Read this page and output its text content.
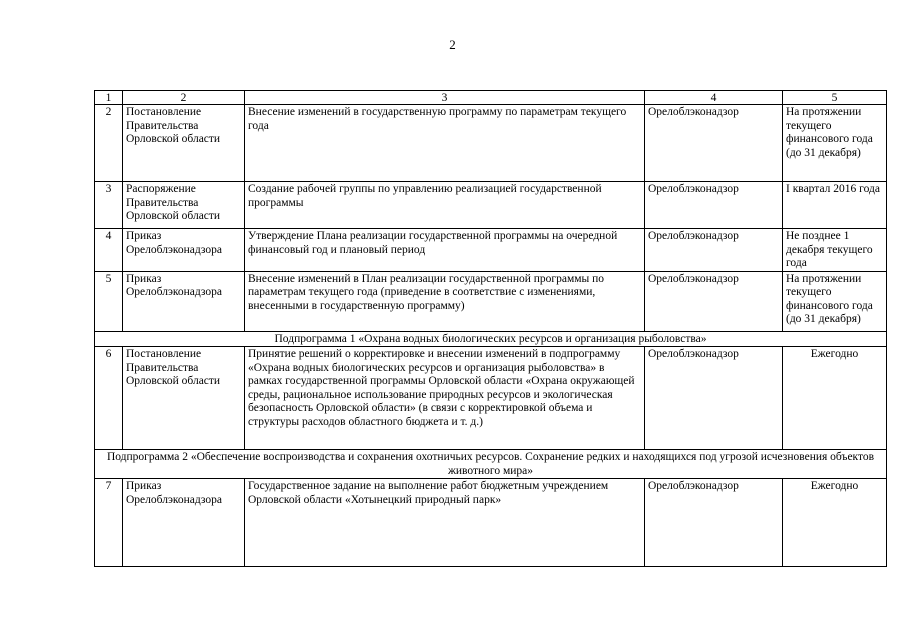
2
1	2	3	4	5
2	Постановление Правительства Орловской области	Внесение изменений в государственную программу по параметрам текущего года	Орелоблэконадзор	На протяжении текущего финансового года (до 31 декабря)
3	Распоряжение Правительства Орловской области	Создание рабочей группы по управлению реализацией государственной программы	Орелоблэконадзор	I квартал 2016 года
4	Приказ Орелоблэконадзора	Утверждение Плана реализации государственной программы на очередной финансовый год и плановый период	Орелоблэконадзор	Не позднее 1 декабря текущего года
5	Приказ Орелоблэконадзора	Внесение изменений в План реализации государственной программы по параметрам текущего года (приведение в соответствие с изменениями, внесенными в государственную программу)	Орелоблэконадзор	На протяжении текущего финансового года (до 31 декабря)
Подпрограмма 1 «Охрана водных биологических ресурсов и организация рыболовства»				
6	Постановление Правительства Орловской области	Принятие решений о корректировке и внесении изменений в подпрограмму «Охрана водных биологических ресурсов и организация рыболовства» в рамках государственной программы Орловской области «Охрана окружающей среды, рациональное использование природных ресурсов и экологическая безопасность Орловской области» (в связи с корректировкой объема и структуры расходов областного бюджета и т. д.)	Орелоблэконадзор	Ежегодно
Подпрограмма 2 «Обеспечение воспроизводства и сохранения охотничьих ресурсов. Сохранение редких и находящихся под угрозой исчезновения объектов животного мира»				
7	Приказ Орелоблэконадзора	Государственное задание на выполнение работ бюджетным учреждением Орловской области «Хотынецкий природный парк»	Орелоблэконадзор	Ежегодно
